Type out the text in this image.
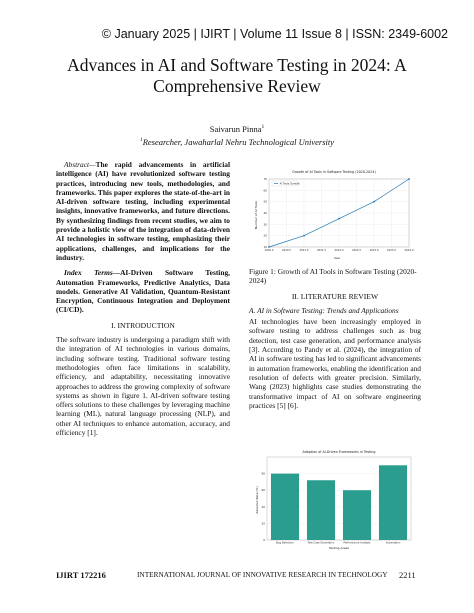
© January 2025 | IJIRT | Volume 11 Issue 8 | ISSN: 2349-6002
Advances in AI and Software Testing in 2024: A
Comprehensive Review
Saivarun Pinna$^1$
$^1$Researcher, Jawaharlal Nehru Technological University
Abstract—The rapid advancements in artificial intelligence (AI) have revolutionized software testing practices, introducing new tools, methodologies, and frameworks. This paper explores the state-of-the-art in AI-driven software testing, including experimental insights, innovative frameworks, and future directions. By synthesizing findings from recent studies, we aim to provide a holistic view of the integration of data-driven AI technologies in software testing, emphasizing their applications, challenges, and implications for the industry.
Index Terms—AI-Driven Software Testing, Automation Frameworks, Predictive Analytics, Data models. Generative AI Validation, Quantum-Resistant Encryption, Continuous Integration and Deployment (CI/CD).
I. INTRODUCTION
The software industry is undergoing a paradigm shift with the integration of AI technologies in various domains, including software testing. Traditional software testing methodologies often face limitations in scalability, efficiency, and adaptability, necessitating innovative approaches to address the growing complexity of software systems as shown in figure 1. AI-driven software testing offers solutions to these challenges by leveraging machine learning (ML), natural language processing (NLP), and other AI techniques to enhance automation, accuracy, and efficiency [1].
Growth of AI Tools in Software Testing (2020-2024)
10
20
30
40
50
60
70
2020.0	2020.5	2021.0	2021.5	2022.0	2022.5	2023.0	2023.5	2024.0
AI Tools Growth
Year
Number of AI Tools
Figure 1: Growth of AI Tools in Software Testing (2020-2024)
II. LITERATURE REVIEW
A. AI in Software Testing: Trends and Applications
AI technologies have been increasingly employed in software testing to address challenges such as bug detection, test case generation, and performance analysis [3]. According to Pandy et al. (2024), the integration of AI in software testing has led to significant advancements in automation frameworks, enabling the identification and resolution of defects with greater precision. Similarly, Wang (2023) highlights case studies demonstrating the transformative impact of AI on software engineering practices [5] [6].
Adoption of AI-Driven Frameworks in Testing
0
20
40
60
80
Bug Detection	Test Case Generation	Performance Analysis	Automation
Testing Areas
Adoption Rate (%)
IJIRT 172216	INTERNATIONAL JOURNAL OF INNOVATIVE RESEARCH IN TECHNOLOGY 2211
